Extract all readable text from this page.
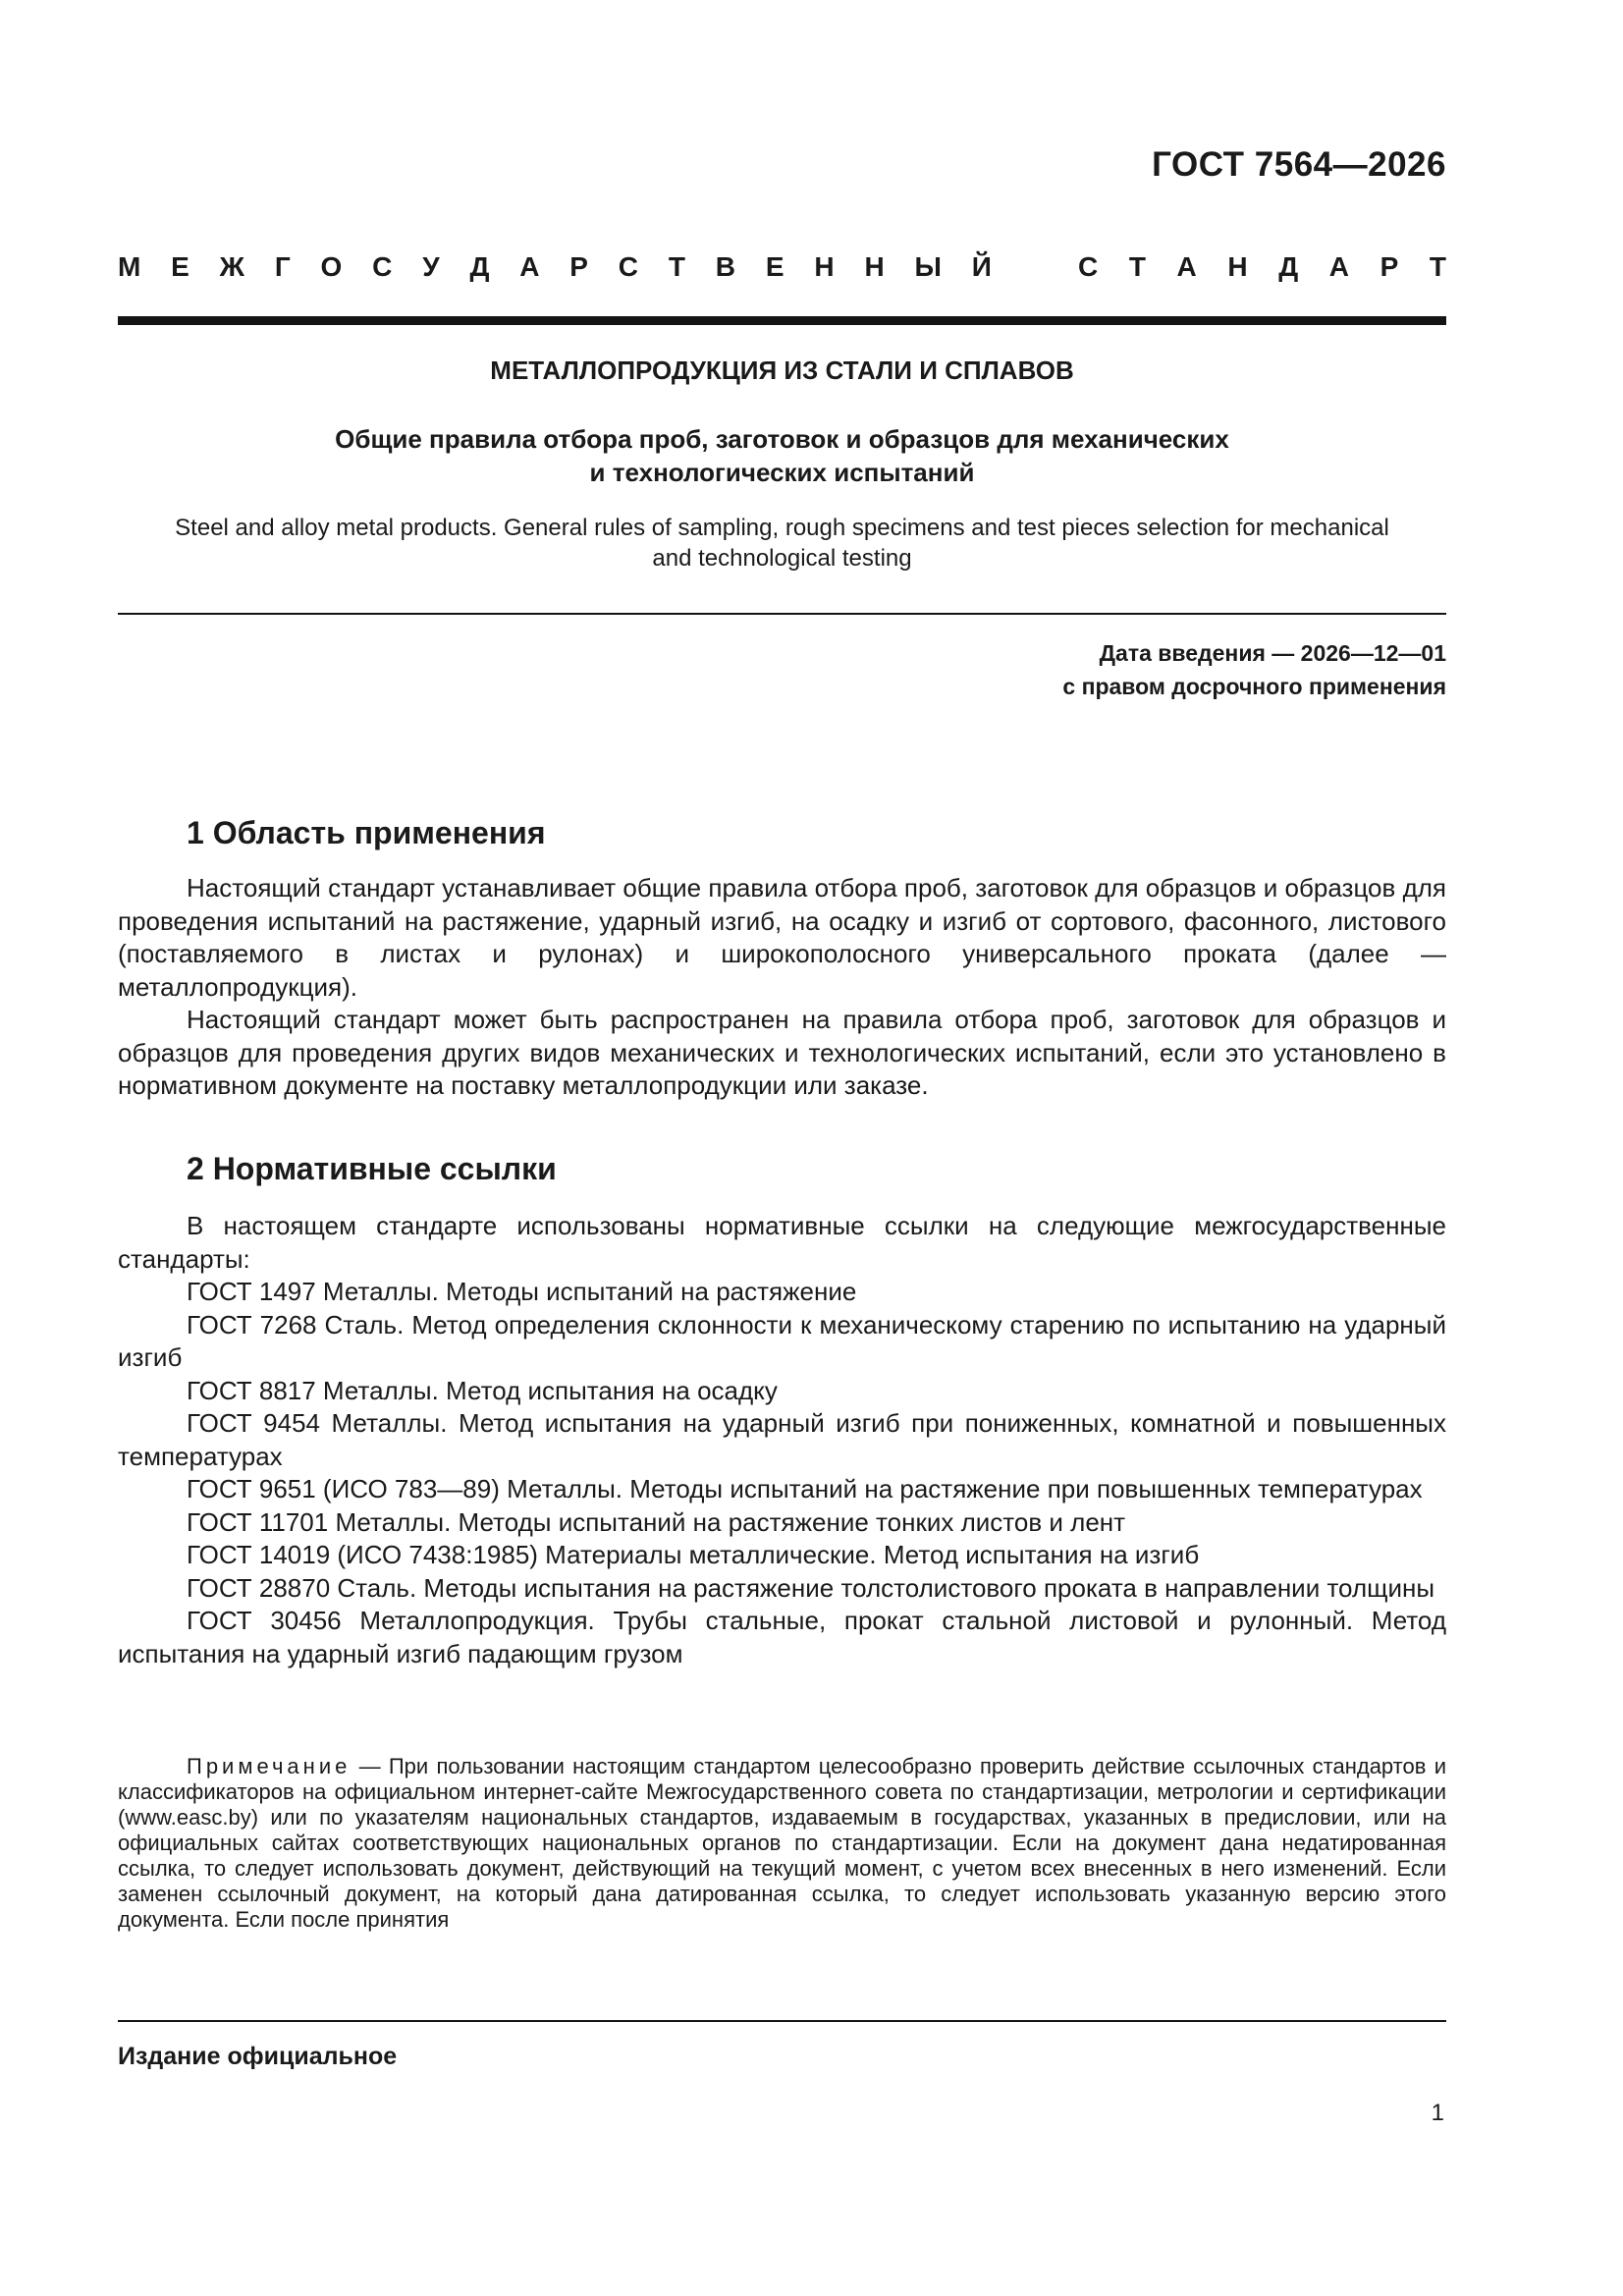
ГОСТ 7564—2026
М Е Ж Г О С У Д А Р С Т В Е Н Н Ы Й	С Т А Н Д А Р Т
МЕТАЛЛОПРОДУКЦИЯ ИЗ СТАЛИ И СПЛАВОВ
Общие правила отбора проб, заготовок и образцов для механических
и технологических испытаний
Steel and alloy metal products. General rules of sampling, rough specimens and test pieces selection for mechanical
and technological testing
Дата введения — 2026—12—01
с правом досрочного применения
1 Область применения

Настоящий стандарт устанавливает общие правила отбора проб, заготовок для образцов и образцов для проведения испытаний на растяжение, ударный изгиб, на осадку и изгиб от сортового, фасонного, листового (поставляемого в листах и рулонах) и широкополосного универсального проката (далее — металлопродукция).

Настоящий стандарт может быть распространен на правила отбора проб, заготовок для образцов и образцов для проведения других видов механических и технологических испытаний, если это установлено в нормативном документе на поставку металлопродукции или заказе.

2 Нормативные ссылки

В настоящем стандарте использованы нормативные ссылки на следующие межгосударственные стандарты:

ГОСТ 1497 Металлы. Методы испытаний на растяжение

ГОСТ 7268 Сталь. Метод определения склонности к механическому старению по испытанию на ударный изгиб

ГОСТ 8817 Металлы. Метод испытания на осадку

ГОСТ 9454 Металлы. Метод испытания на ударный изгиб при пониженных, комнатной и повышенных температурах

ГОСТ 9651 (ИСО 783—89) Металлы. Методы испытаний на растяжение при повышенных температурах

ГОСТ 11701 Металлы. Методы испытаний на растяжение тонких листов и лент

ГОСТ 14019 (ИСО 7438:1985) Материалы металлические. Метод испытания на изгиб

ГОСТ 28870 Сталь. Методы испытания на растяжение толстолистового проката в направлении толщины

ГОСТ 30456 Металлопродукция. Трубы стальные, прокат стальной листовой и рулонный. Метод испытания на ударный изгиб падающим грузом

Примечание — При пользовании настоящим стандартом целесообразно проверить действие ссылочных стандартов и классификаторов на официальном интернет-сайте Межгосударственного совета по стандартизации, метрологии и сертификации (www.easc.by) или по указателям национальных стандартов, издаваемым в государствах, указанных в предисловии, или на официальных сайтах соответствующих национальных органов по стандартизации. Если на документ дана недатированная ссылка, то следует использовать документ, действующий на текущий момент, с учетом всех внесенных в него изменений. Если заменен ссылочный документ, на который дана датированная ссылка, то следует использовать указанную версию этого документа. Если после принятия
Издание официальное
1
